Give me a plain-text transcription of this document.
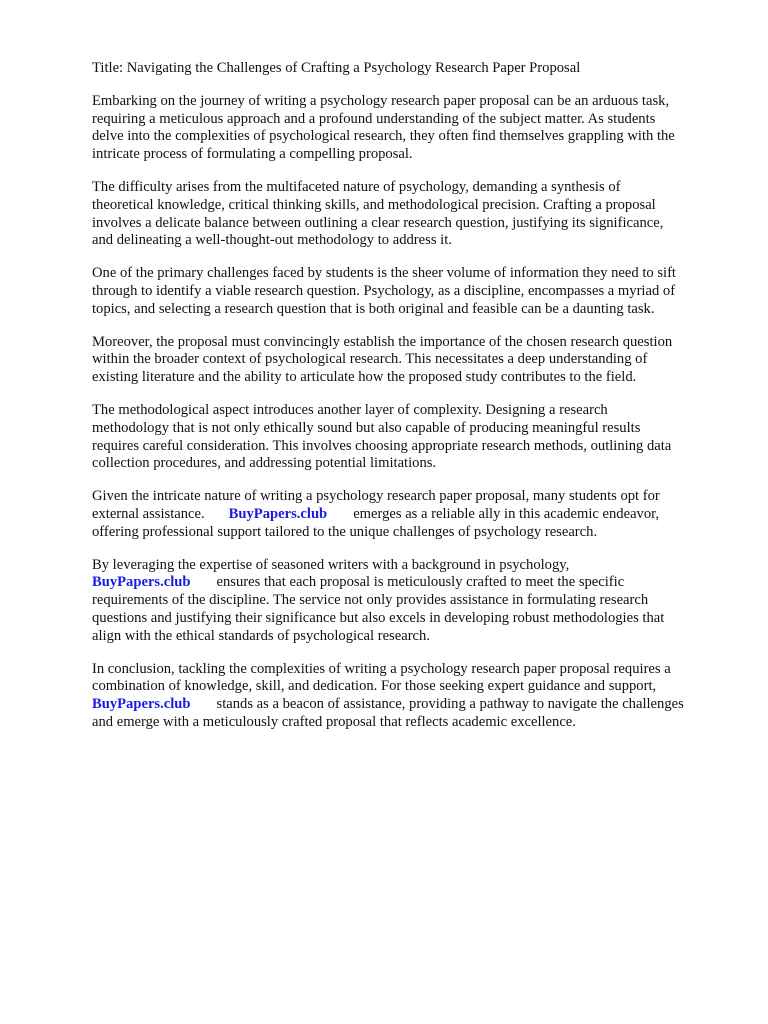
Title: Navigating the Challenges of Crafting a Psychology Research Paper Proposal

Embarking on the journey of writing a psychology research paper proposal can be an arduous task,
requiring a meticulous approach and a profound understanding of the subject matter. As students
delve into the complexities of psychological research, they often find themselves grappling with the
intricate process of formulating a compelling proposal.

The difficulty arises from the multifaceted nature of psychology, demanding a synthesis of
theoretical knowledge, critical thinking skills, and methodological precision. Crafting a proposal
involves a delicate balance between outlining a clear research question, justifying its significance,
and delineating a well-thought-out methodology to address it.

One of the primary challenges faced by students is the sheer volume of information they need to sift
through to identify a viable research question. Psychology, as a discipline, encompasses a myriad of
topics, and selecting a research question that is both original and feasible can be a daunting task.

Moreover, the proposal must convincingly establish the importance of the chosen research question
within the broader context of psychological research. This necessitates a deep understanding of
existing literature and the ability to articulate how the proposed study contributes to the field.

The methodological aspect introduces another layer of complexity. Designing a research
methodology that is not only ethically sound but also capable of producing meaningful results
requires careful consideration. This involves choosing appropriate research methods, outlining data
collection procedures, and addressing potential limitations.

Given the intricate nature of writing a psychology research paper proposal, many students opt for
external assistance. BuyPapers.club emerges as a reliable ally in this academic endeavor,
offering professional support tailored to the unique challenges of psychology research.

By leveraging the expertise of seasoned writers with a background in psychology,
BuyPapers.club ensures that each proposal is meticulously crafted to meet the specific
requirements of the discipline. The service not only provides assistance in formulating research
questions and justifying their significance but also excels in developing robust methodologies that
align with the ethical standards of psychological research.

In conclusion, tackling the complexities of writing a psychology research paper proposal requires a
combination of knowledge, skill, and dedication. For those seeking expert guidance and support,
BuyPapers.club stands as a beacon of assistance, providing a pathway to navigate the challenges
and emerge with a meticulously crafted proposal that reflects academic excellence.
